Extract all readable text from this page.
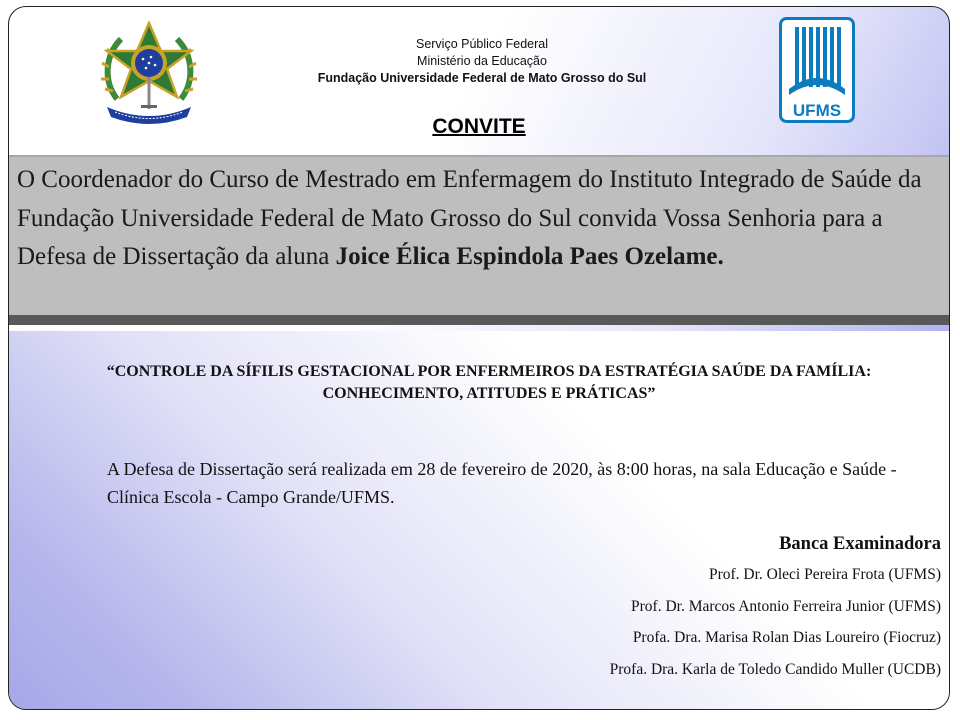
Serviço Público Federal
Ministério da Educação
Fundação Universidade Federal de Mato Grosso do Sul
UFMS
CONVITE
O Coordenador do Curso de Mestrado em Enfermagem do Instituto Integrado de Saúde da Fundação Universidade Federal de Mato Grosso do Sul convida Vossa Senhoria para a Defesa de Dissertação da aluna Joice Élica Espindola Paes Ozelame.
“CONTROLE DA SÍFILIS GESTACIONAL POR ENFERMEIROS DA ESTRATÉGIA SAÚDE DA FAMÍLIA: CONHECIMENTO, ATITUDES E PRÁTICAS”
A Defesa de Dissertação será realizada em 28 de fevereiro de 2020, às 8:00 horas, na sala Educação e Saúde - Clínica Escola - Campo Grande/UFMS.
Banca Examinadora
Prof. Dr. Oleci Pereira Frota (UFMS)
Prof. Dr. Marcos Antonio Ferreira Junior (UFMS)
Profa. Dra. Marisa Rolan Dias Loureiro (Fiocruz)
Profa. Dra. Karla de Toledo Candido Muller (UCDB)
